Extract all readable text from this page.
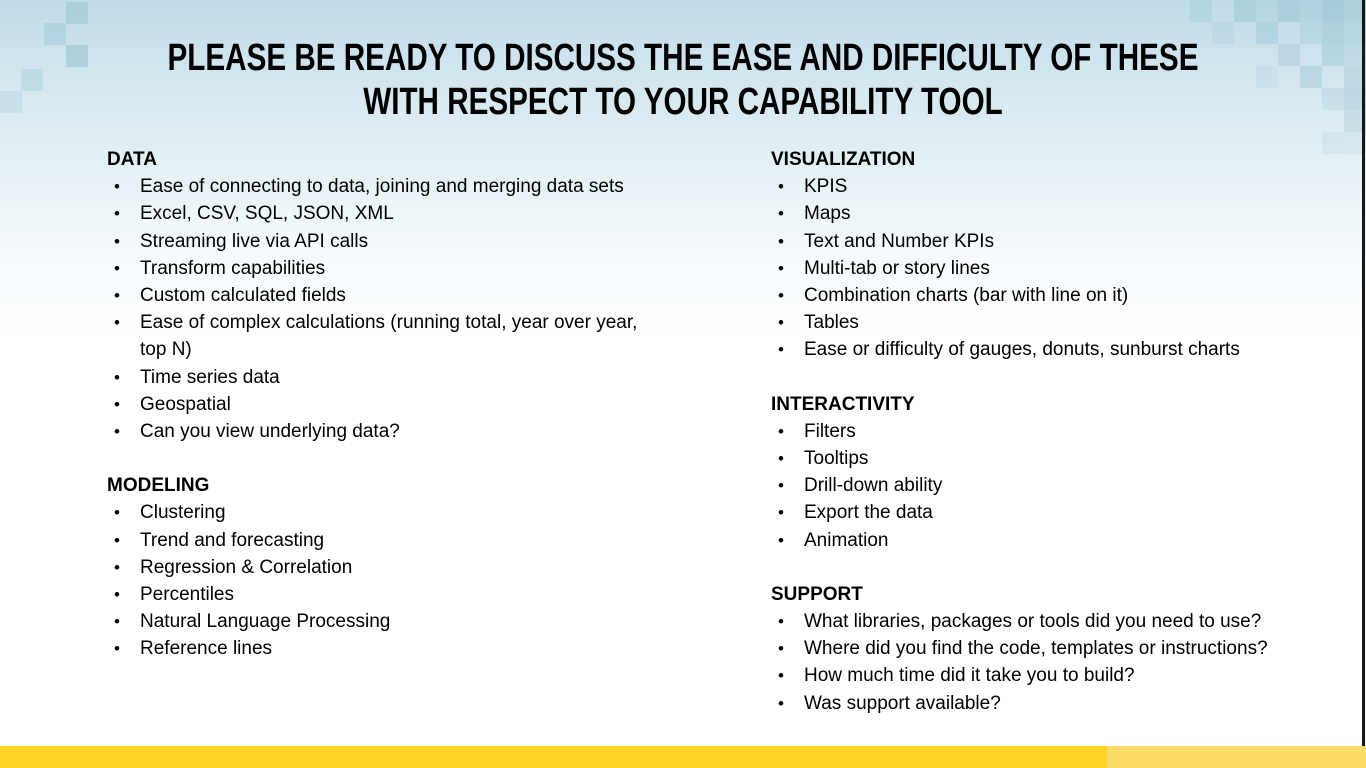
PLEASE BE READY TO DISCUSS THE EASE AND DIFFICULTY OF THESE
WITH RESPECT TO YOUR CAPABILITY TOOL
DATA
•	Ease of connecting to data, joining and merging data sets
•	Excel, CSV, SQL, JSON, XML
•	Streaming live via API calls
•	Transform capabilities
•	Custom calculated fields
•	Ease of complex calculations (running total, year over year, top N)
•	Time series data
•	Geospatial
•	Can you view underlying data?
MODELING
•	Clustering
•	Trend and forecasting
•	Regression & Correlation
•	Percentiles
•	Natural Language Processing
•	Reference lines
VISUALIZATION
•	KPIS
•	Maps
•	Text and Number KPIs
•	Multi-tab or story lines
•	Combination charts (bar with line on it)
•	Tables
•	Ease or difficulty of gauges, donuts, sunburst charts
INTERACTIVITY
•	Filters
•	Tooltips
•	Drill-down ability
•	Export the data
•	Animation
SUPPORT
•	What libraries, packages or tools did you need to use?
•	Where did you find the code, templates or instructions?
•	How much time did it take you to build?
•	Was support available?
